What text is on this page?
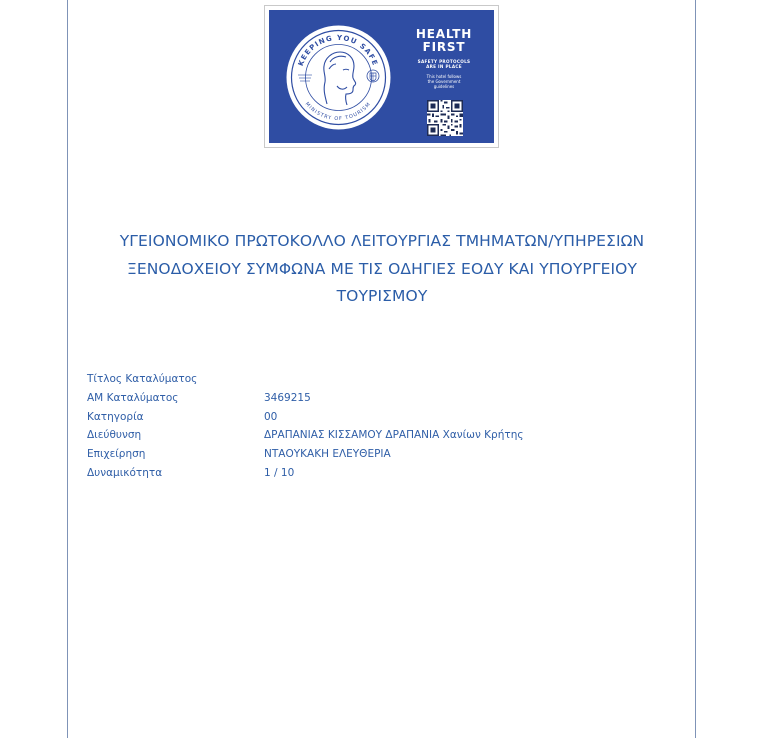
KEEPING YOU SAFE
MINISTRY OF TOURISM
HEALTH
FIRST
SAFETY PROTOCOLS
ARE IN PLACE
This hotel follows
the Government
guidelines
ΥΓΕΙΟΝΟΜΙΚΟ ΠΡΩΤΟΚΟΛΛΟ ΛΕΙΤΟΥΡΓΙΑΣ ΤΜΗΜΑΤΩΝ/ΥΠΗΡΕΣΙΩΝ
ΞΕΝΟΔΟΧΕΙΟΥ ΣΥΜΦΩΝΑ ΜΕ ΤΙΣ ΟΔΗΓΙΕΣ ΕΟΔΥ ΚΑΙ ΥΠΟΥΡΓΕΙΟΥ
ΤΟΥΡΙΣΜΟΥ
Τίτλος Καταλύματος
ΑΜ Καταλύματος	3469215
Κατηγορία	00
Διεύθυνση	ΔΡΑΠΑΝΙΑΣ ΚΙΣΣΑΜΟΥ ΔΡΑΠΑΝΙΑ Χανίων Κρήτης
Επιχείρηση	ΝΤΑΟΥΚΑΚΗ ΕΛΕΥΘΕΡΙΑ
Δυναμικότητα	1 / 10
